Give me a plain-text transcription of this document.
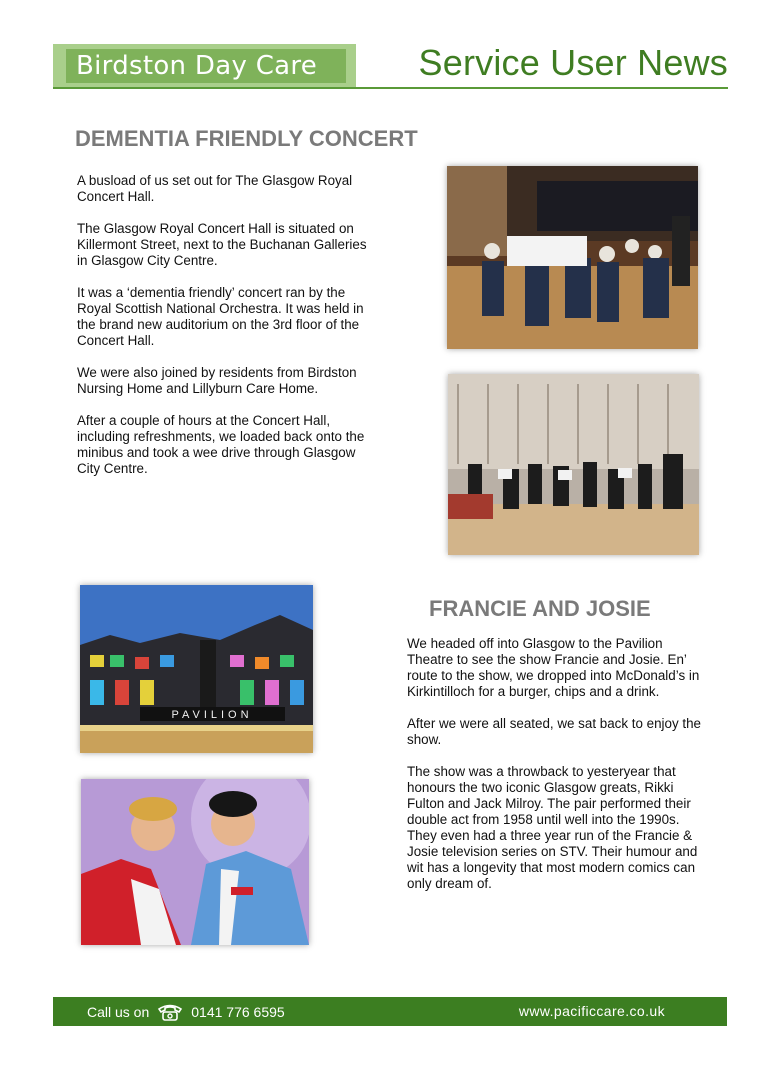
Birdston Day Care	Service User News
DEMENTIA FRIENDLY CONCERT

A busload of us set out for The Glasgow Royal Concert Hall.

The Glasgow Royal Concert Hall is situated on Killermont Street, next to the Buchanan Galleries in Glasgow City Centre.

It was a ‘dementia friendly’ concert ran by the Royal Scottish National Orchestra. It was held in the brand new auditorium on the 3rd floor of the Concert Hall.

We were also joined by residents from Birdston Nursing Home and Lillyburn Care Home.

After a couple of hours at the Concert Hall, including refreshments, we loaded back onto the minibus and took a wee drive through Glasgow City Centre.

PAVILION
FRANCIE AND JOSIE

We headed off into Glasgow to the Pavilion Theatre to see the show Francie and Josie. En’ route to the show, we dropped into McDonald’s in Kirkintilloch for a burger, chips and a drink.

After we were all seated, we sat back to enjoy the show.

The show was a throwback to yesteryear that honours the two iconic Glasgow greats, Rikki Fulton and Jack Milroy. The pair performed their double act from 1958 until well into the 1990s. They even had a three year run of the Francie & Josie television series on STV. Their humour and wit has a longevity that most modern comics can only dream of.

Call us on	0141 776 6595	www.pacificcare.co.uk
